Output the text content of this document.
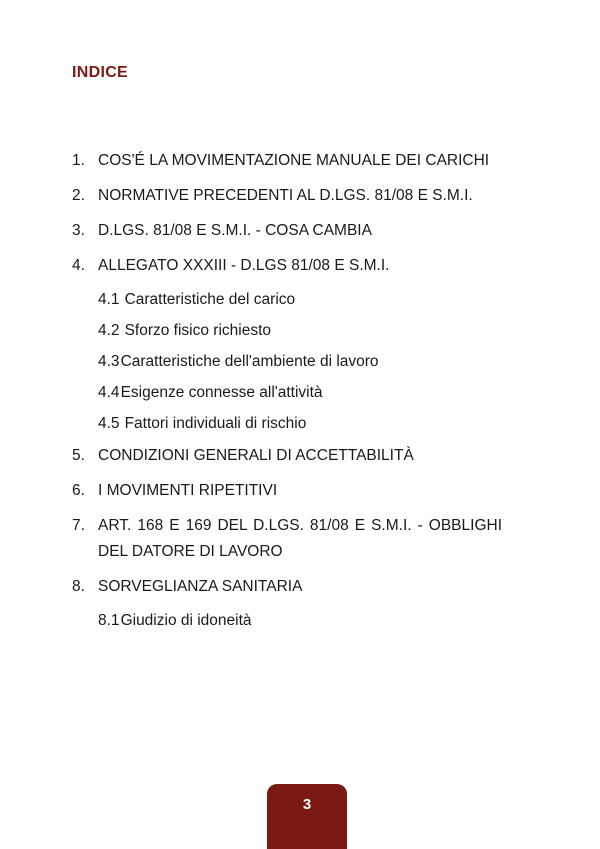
INDICE
1. COS'É LA MOVIMENTAZIONE MANUALE DEI CARICHI
2. NORMATIVE PRECEDENTI AL D.LGS. 81/08 E S.M.I.
3. D.LGS. 81/08 E S.M.I. - COSA CAMBIA
4. ALLEGATO XXXIII - D.LGS 81/08 E S.M.I.
4.1 Caratteristiche del carico
4.2 Sforzo fisico richiesto
4.3 Caratteristiche dell'ambiente di lavoro
4.4 Esigenze connesse all'attività
4.5 Fattori individuali di rischio
5. CONDIZIONI GENERALI DI ACCETTABILITÀ
6. I MOVIMENTI RIPETITIVI
7. ART. 168 E 169 DEL D.LGS. 81/08 E S.M.I. - OBBLIGHI DEL DATORE DI LAVORO
8. SORVEGLIANZA SANITARIA
8.1 Giudizio di idoneità
3
